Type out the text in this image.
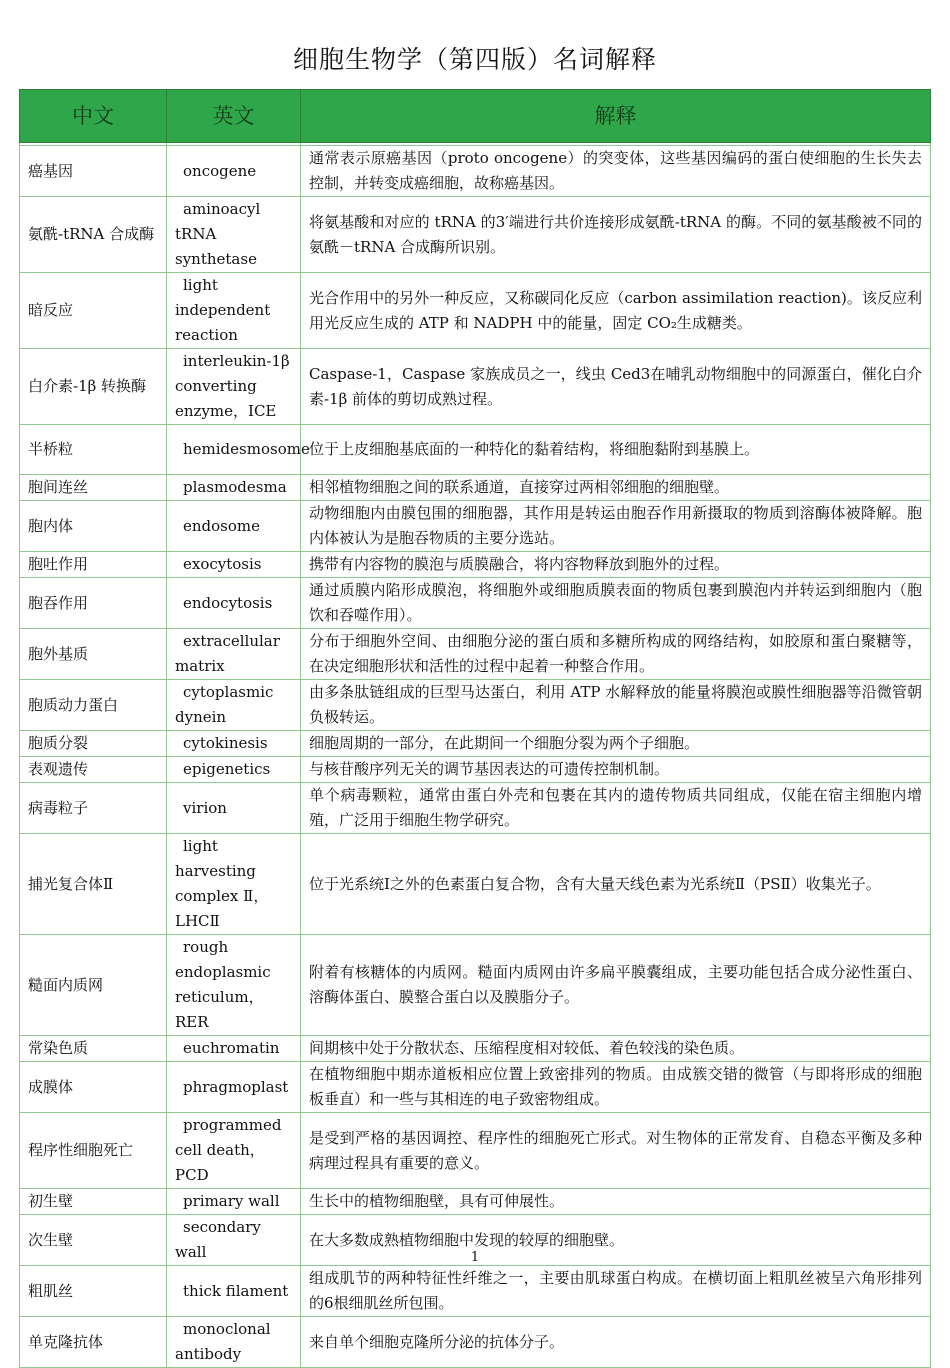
细胞生物学（第四版）名词解释
中文	英文	解释

癌基因	oncogene	通常表示原癌基因（proto oncogene）的突变体，这些基因编码的蛋白使细胞的生长失去控制，并转变成癌细胞，故称癌基因。
氨酰-tRNA 合成酶	aminoacyl tRNA synthetase	将氨基酸和对应的 tRNA 的3′端进行共价连接形成氨酰-tRNA 的酶。不同的氨基酸被不同的氨酰－tRNA 合成酶所识别。
暗反应	light independent reaction	光合作用中的另外一种反应，又称碳同化反应（carbon assimilation reaction)。该反应利用光反应生成的 ATP 和 NADPH 中的能量，固定 CO₂生成糖类。
白介素-1β 转换酶	interleukin-1β converting enzyme，ICE	Caspase-1，Caspase 家族成员之一，线虫 Ced3在哺乳动物细胞中的同源蛋白，催化白介素-1β 前体的剪切成熟过程。
半桥粒	hemidesmosome	位于上皮细胞基底面的一种特化的黏着结构，将细胞黏附到基膜上。
胞间连丝	plasmodesma	相邻植物细胞之间的联系通道，直接穿过两相邻细胞的细胞壁。
胞内体	endosome	动物细胞内由膜包围的细胞器，其作用是转运由胞吞作用新摄取的物质到溶酶体被降解。胞内体被认为是胞吞物质的主要分选站。
胞吐作用	exocytosis	携带有内容物的膜泡与质膜融合，将内容物释放到胞外的过程。
胞吞作用	endocytosis	通过质膜内陷形成膜泡，将细胞外或细胞质膜表面的物质包裹到膜泡内并转运到细胞内（胞饮和吞噬作用）。
胞外基质	extracellular matrix	分布于细胞外空间、由细胞分泌的蛋白质和多糖所构成的网络结构，如胶原和蛋白聚糖等，在决定细胞形状和活性的过程中起着一种整合作用。
胞质动力蛋白	cytoplasmic dynein	由多条肽链组成的巨型马达蛋白，利用 ATP 水解释放的能量将膜泡或膜性细胞器等沿微管朝负极转运。
胞质分裂	cytokinesis	细胞周期的一部分，在此期间一个细胞分裂为两个子细胞。
表观遗传	epigenetics	与核苷酸序列无关的调节基因表达的可遗传控制机制。
病毒粒子	virion	单个病毒颗粒，通常由蛋白外壳和包裹在其内的遗传物质共同组成，仅能在宿主细胞内增殖，广泛用于细胞生物学研究。
捕光复合体Ⅱ	light harvesting complex Ⅱ，LHCⅡ	位于光系统Ⅰ之外的色素蛋白复合物，含有大量天线色素为光系统Ⅱ（PSⅡ）收集光子。
糙面内质网	rough endoplasmic reticulum，RER	附着有核糖体的内质网。糙面内质网由许多扁平膜囊组成，主要功能包括合成分泌性蛋白、溶酶体蛋白、膜整合蛋白以及膜脂分子。
常染色质	euchromatin	间期核中处于分散状态、压缩程度相对较低、着色较浅的染色质。
成膜体	phragmoplast	在植物细胞中期赤道板相应位置上致密排列的物质。由成簇交错的微管（与即将形成的细胞板垂直）和一些与其相连的电子致密物组成。
程序性细胞死亡	programmed cell death，PCD	是受到严格的基因调控、程序性的细胞死亡形式。对生物体的正常发育、自稳态平衡及多种病理过程具有重要的意义。
初生壁	primary wall	生长中的植物细胞壁，具有可伸展性。
次生壁	secondary wall	在大多数成熟植物细胞中发现的较厚的细胞壁。
粗肌丝	thick filament	组成肌节的两种特征性纤维之一，主要由肌球蛋白构成。在横切面上粗肌丝被呈六角形排列的6根细肌丝所包围。
单克隆抗体	monoclonal antibody	来自单个细胞克隆所分泌的抗体分子。
1
